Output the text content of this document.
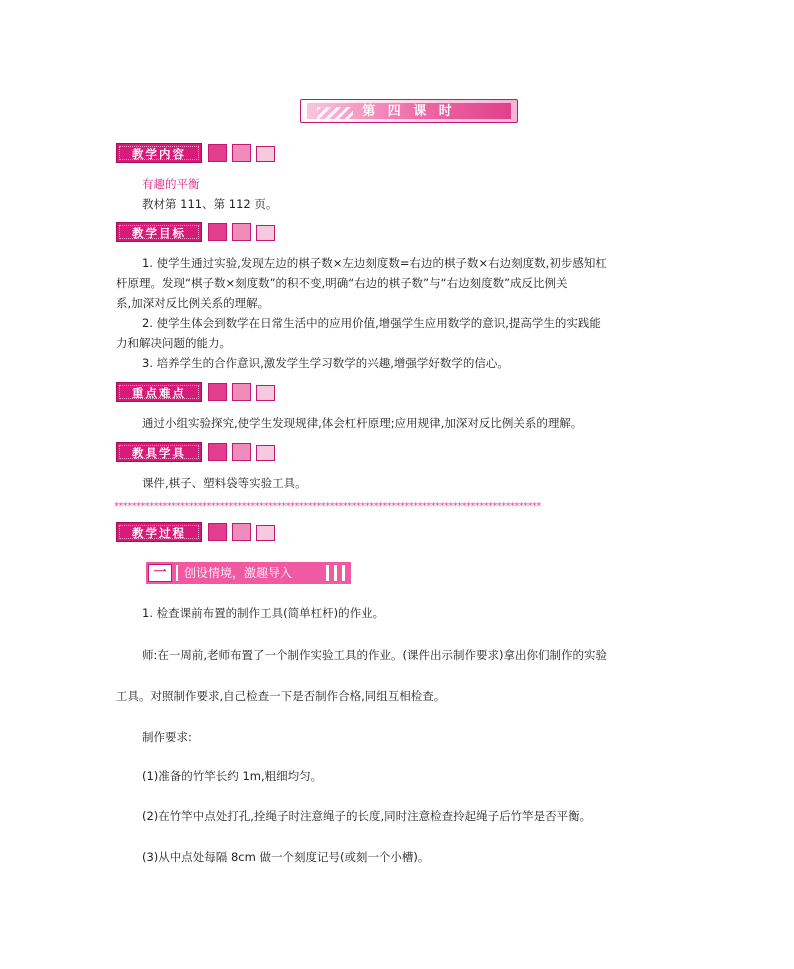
第 四 课 时
教学内容
有趣的平衡
教材第 111、第 112 页。
教学目标
1. 使学生通过实验,发现左边的棋子数×左边刻度数=右边的棋子数×右边刻度数,初步感知杠
杆原理。发现“棋子数×刻度数”的积不变,明确“右边的棋子数”与“右边刻度数”成反比例关
系,加深对反比例关系的理解。
2. 使学生体会到数学在日常生活中的应用价值,增强学生应用数学的意识,提高学生的实践能
力和解决问题的能力。
3. 培养学生的合作意识,激发学生学习数学的兴趣,增强学好数学的信心。
重点难点
通过小组实验探究,使学生发现规律,体会杠杆原理;应用规律,加深对反比例关系的理解。
教具学具
课件,棋子、塑料袋等实验工具。
*************************************************************************************************
教学过程
一	创设情境，激趣导入
1. 检查课前布置的制作工具(简单杠杆)的作业。
师:在一周前,老师布置了一个制作实验工具的作业。(课件出示制作要求)拿出你们制作的实验
工具。对照制作要求,自己检查一下是否制作合格,同组互相检查。
制作要求:
(1)准备的竹竿长约 1m,粗细均匀。
(2)在竹竿中点处打孔,拴绳子时注意绳子的长度,同时注意检查拎起绳子后竹竿是否平衡。
(3)从中点处每隔 8cm 做一个刻度记号(或刻一个小槽)。
